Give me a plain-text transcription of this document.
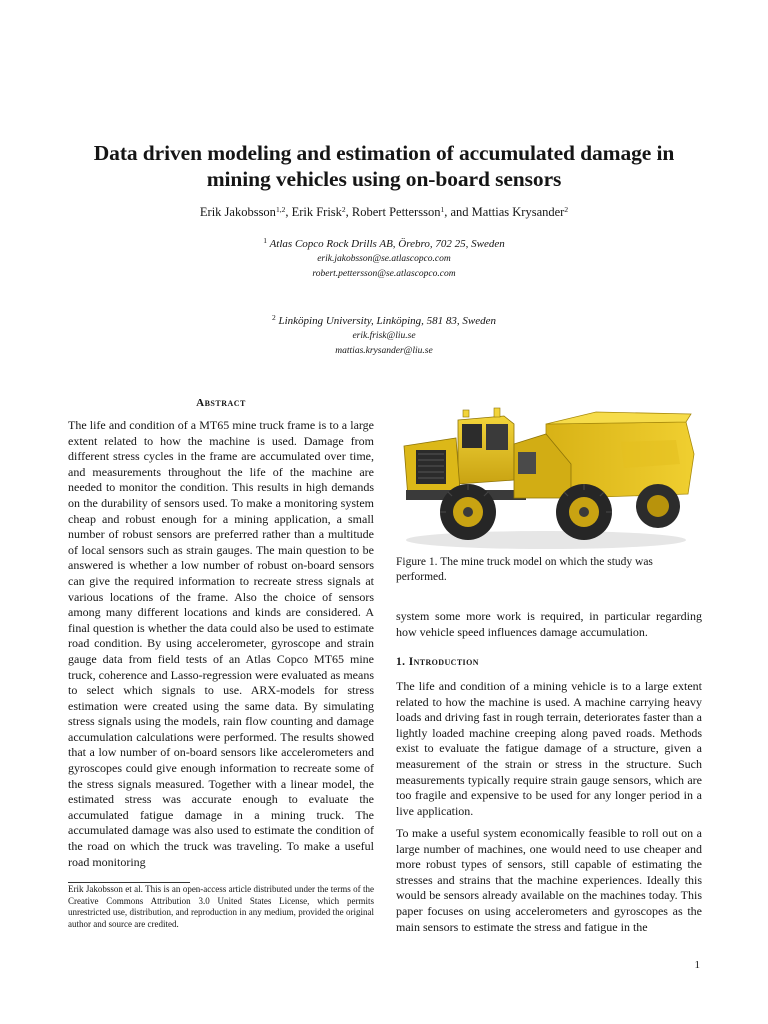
Data driven modeling and estimation of accumulated damage in
mining vehicles using on-board sensors
Erik Jakobsson$^{1,2}$, Erik Frisk$^2$, Robert Pettersson$^1$, and Mattias Krysander$^2$
$^1$ Atlas Copco Rock Drills AB, Örebro, 702 25, Sweden
erik.jakobsson@se.atlascopco.com
robert.pettersson@se.atlascopco.com
$^2$ Linköping University, Linköping, 581 83, Sweden
erik.frisk@liu.se
mattias.krysander@liu.se
Abstract

The life and condition of a MT65 mine truck frame is to a large extent related to how the machine is used. Damage from different stress cycles in the frame are accumulated over time, and measurements throughout the life of the machine are needed to monitor the condition. This results in high demands on the durability of sensors used. To make a monitoring system cheap and robust enough for a mining application, a small number of robust sensors are preferred rather than a multitude of local sensors such as strain gauges. The main question to be answered is whether a low number of robust on-board sensors can give the required information to recreate stress signals at various locations of the frame. Also the choice of sensors among many different locations and kinds are considered. A final question is whether the data could also be used to estimate road condition. By using accelerometer, gyroscope and strain gauge data from field tests of an Atlas Copco MT65 mine truck, coherence and Lasso-regression were evaluated as means to select which signals to use. ARX-models for stress estimation were created using the same data. By simulating stress signals using the models, rain flow counting and damage accumulation calculations were performed. The results showed that a low number of on-board sensors like accelerometers and gyroscopes could give enough information to recreate some of the stress signals measured. Together with a linear model, the estimated stress was accurate enough to evaluate the accumulated fatigue damage in a mining truck. The accumulated damage was also used to estimate the condition of the road on which the truck was traveling. To make a useful road monitoring

Erik Jakobsson et al. This is an open-access article distributed under the terms of the Creative Commons Attribution 3.0 United States License, which permits unrestricted use, distribution, and reproduction in any medium, provided the original author and source are credited.
Figure 1. The mine truck model on which the study was performed.

system some more work is required, in particular regarding how vehicle speed influences damage accumulation.

1. Introduction

The life and condition of a mining vehicle is to a large extent related to how the machine is used. A machine carrying heavy loads and driving fast in rough terrain, deteriorates faster than a lightly loaded machine creeping along paved roads. Methods exist to evaluate the fatigue damage of a structure, given a measurement of the strain or stress in the structure. Such measurements typically require strain gauge sensors, which are too fragile and expensive to be used for any longer period in a live application.

To make a useful system economically feasible to roll out on a large number of machines, one would need to use cheaper and more robust types of sensors, still capable of estimating the stresses and strains that the machine experiences. Ideally this would be sensors already available on the machines today. This paper focuses on using accelerometers and gyroscopes as the main sensors to estimate the stress and fatigue in the

1
